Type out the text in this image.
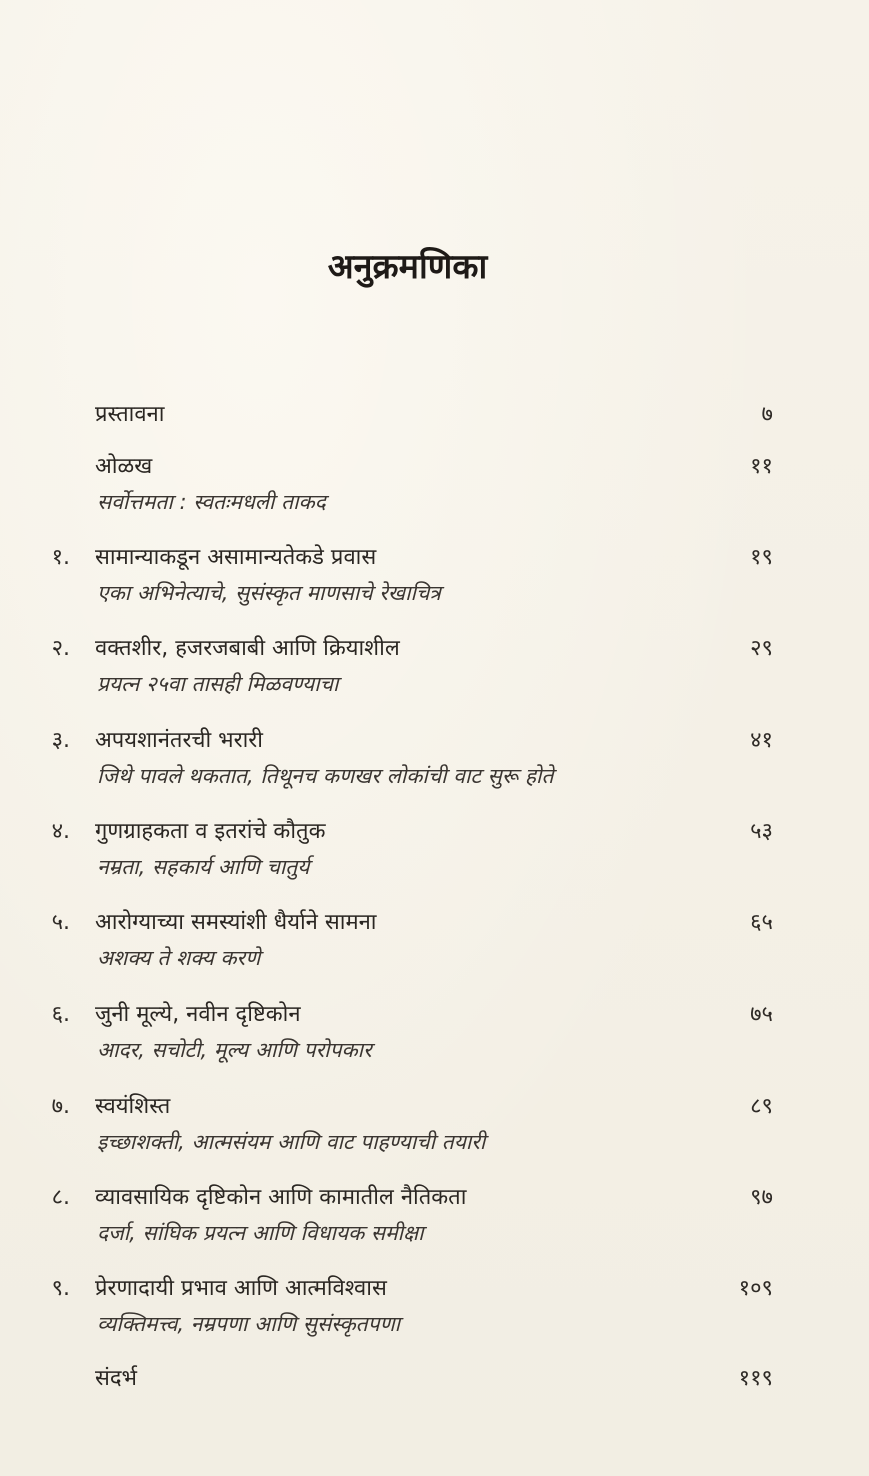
अनुक्रमणिका
प्रस्तावना	७
ओळख	११
सर्वोत्तमता : स्वतःमधली ताकद
१. सामान्याकडून असामान्यतेकडे प्रवास	१९
एका अभिनेत्याचे, सुसंस्कृत माणसाचे रेखाचित्र
२. वक्तशीर, हजरजबाबी आणि क्रियाशील	२९
प्रयत्न २५वा तासही मिळवण्याचा
३. अपयशानंतरची भरारी	४१
जिथे पावले थकतात, तिथूनच कणखर लोकांची वाट सुरू होते
४. गुणग्राहकता व इतरांचे कौतुक	५३
नम्रता, सहकार्य आणि चातुर्य
५. आरोग्याच्या समस्यांशी धैर्याने सामना	६५
अशक्य ते शक्य करणे
६. जुनी मूल्ये, नवीन दृष्टिकोन	७५
आदर, सचोटी, मूल्य आणि परोपकार
७. स्वयंशिस्त	८९
इच्छाशक्ती, आत्मसंयम आणि वाट पाहण्याची तयारी
८. व्यावसायिक दृष्टिकोन आणि कामातील नैतिकता	९७
दर्जा, सांघिक प्रयत्न आणि विधायक समीक्षा
९. प्रेरणादायी प्रभाव आणि आत्मविश्वास	१०९
व्यक्तिमत्त्व, नम्रपणा आणि सुसंस्कृतपणा
संदर्भ	११९
